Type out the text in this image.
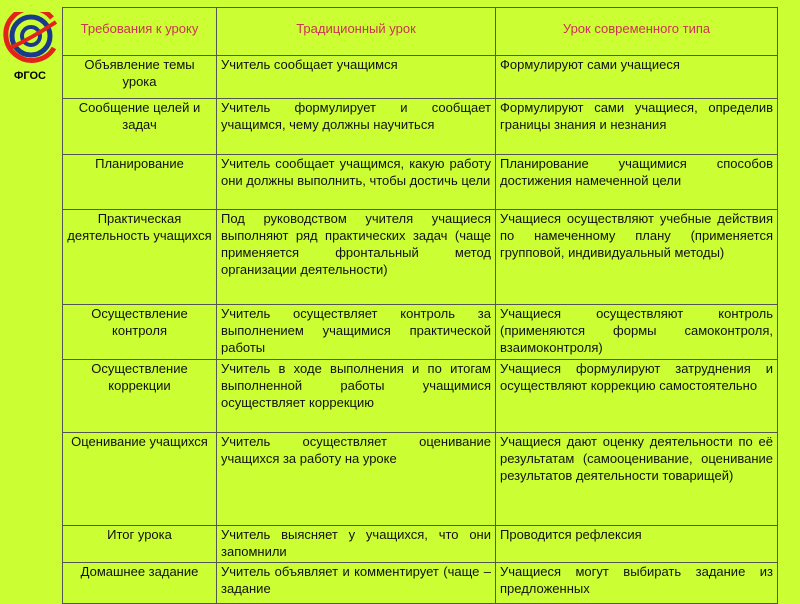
ФГОС
Требования к уроку	Традиционный урок	Урок современного типа
Объявление темы урока	Учитель сообщает учащимся	Формулируют сами учащиеся
Сообщение целей и задач	Учитель формулирует и сообщает учащимся, чему должны научиться	Формулируют сами учащиеся, определив границы знания и незнания
Планирование	Учитель сообщает учащимся, какую работу они должны выполнить, чтобы достичь цели	Планирование учащимися способов достижения намеченной цели
Практическая деятельность учащихся	Под руководством учителя учащиеся выполняют ряд практических задач (чаще применяется фронтальный метод организации деятельности)	Учащиеся осуществляют учебные действия по намеченному плану (применяется групповой, индивидуальный методы)
Осуществление контроля	Учитель осуществляет контроль за выполнением учащимися практической работы	Учащиеся осуществляют контроль (применяются формы самоконтроля, взаимоконтроля)
Осуществление коррекции	Учитель в ходе выполнения и по итогам выполненной работы учащимися осуществляет коррекцию	Учащиеся формулируют затруднения и осуществляют коррекцию самостоятельно
Оценивание учащихся	Учитель осуществляет оценивание учащихся за работу на уроке	Учащиеся дают оценку деятельности по её результатам (самооценивание, оценивание результатов деятельности товарищей)
Итог урока	Учитель выясняет у учащихся, что они запомнили	Проводится рефлексия
Домашнее задание	Учитель объявляет и комментирует (чаще – задание	Учащиеся могут выбирать задание из предложенных
